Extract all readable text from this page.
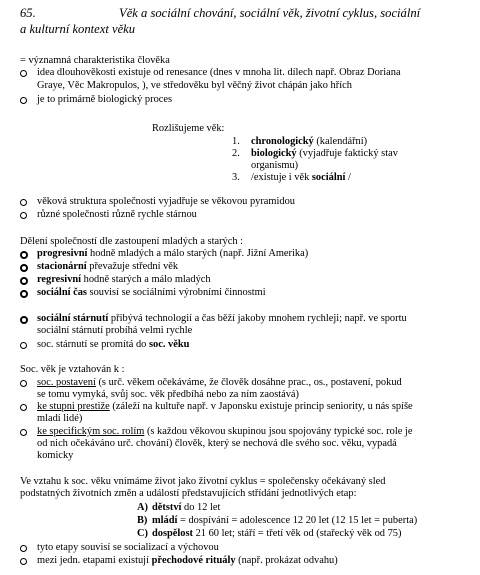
65.	Věk a sociální chování, sociální věk, životní cyklus, sociální
a kulturní kontext věku
= významná charakteristika člověka
idea dlouhověkosti existuje od renesance (dnes v mnoha lit. dílech např. Obraz Doriana
Graye, Věc Makropulos, ), ve středověku byl věčný život chápán jako hřích
je to primárně biologický proces
Rozlišujeme věk:
1. chronologický (kalendářní)
2. biologický (vyjadřuje faktický stav
organismu)
3. /existuje i věk sociální /
věková struktura společnosti vyjadřuje se věkovou pyramidou
různé společnosti různě rychle stárnou
Dělení společností dle zastoupení mladých a starých :
progresivní hodně mladých a málo starých (např. Jižní Amerika)
stacionární převažuje střední věk
regresivní hodně starých a málo mladých
sociální čas souvisí se sociálními výrobními činnostmi
sociální stárnutí přibývá technologií a čas běží jakoby mnohem rychleji; např. ve sportu
sociální stárnutí probíhá velmi rychle
soc. stárnutí se promítá do soc. věku
Soc. věk je vztahován k :
soc. postavení (s urč. věkem očekáváme, že člověk dosáhne prac., os., postavení, pokud
se tomu vymyká, svůj soc. věk předbíhá nebo za ním zaostává)
ke stupni prestiže (záleží na kultuře např. v Japonsku existuje princip seniority, u nás spíše
mladí lidé)
ke specifickým soc. rolím (s každou věkovou skupinou jsou spojovány typické soc. role je
od nich očekáváno urč. chování) člověk, který se nechová dle svého soc. věku, vypadá
komicky
Ve vztahu k soc. věku vnímáme život jako životní cyklus = společensky očekávaný sled
podstatných životních změn a událostí představujících střídání jednotlivých etap:
A) dětství do 12 let
B) mládí = dospívání = adolescence 12 20 let (12 15 let = puberta)
C) dospělost 21 60 let; stáří = třetí věk od (stařecký věk od 75)
tyto etapy souvisí se socializací a výchovou
mezi jedn. etapami existují přechodové rituály (např. prokázat odvahu)
